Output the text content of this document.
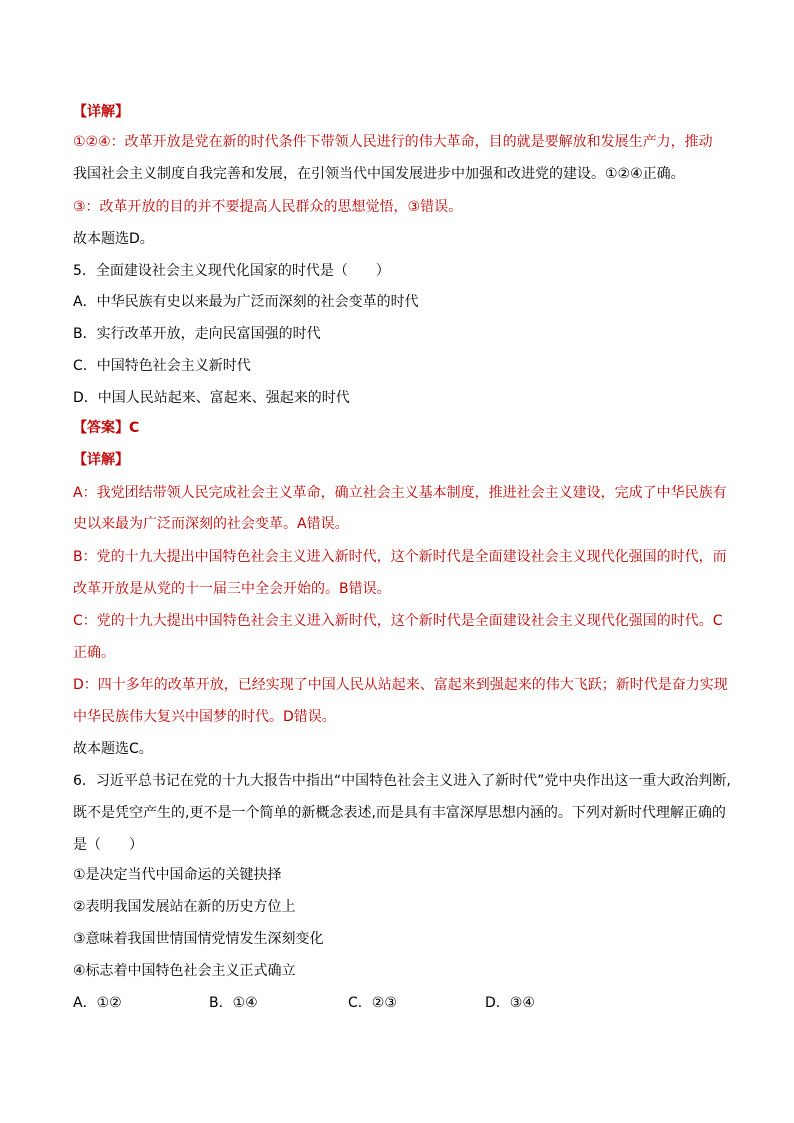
【详解】
①②④：改革开放是党在新的时代条件下带领人民进行的伟大革命，目的就是要解放和发展生产力，推动
我国社会主义制度自我完善和发展，在引领当代中国发展进步中加强和改进党的建设。①②④正确。
③：改革开放的目的并不要提高人民群众的思想觉悟，③错误。
故本题选D。
5．全面建设社会主义现代化国家的时代是（　　）
A．中华民族有史以来最为广泛而深刻的社会变革的时代
B．实行改革开放，走向民富国强的时代
C．中国特色社会主义新时代
D．中国人民站起来、富起来、强起来的时代
【答案】C
【详解】
A：我党团结带领人民完成社会主义革命，确立社会主义基本制度，推进社会主义建设，完成了中华民族有
史以来最为广泛而深刻的社会变革。A错误。
B：党的十九大提出中国特色社会主义进入新时代，这个新时代是全面建设社会主义现代化强国的时代，而
改革开放是从党的十一届三中全会开始的。B错误。
C：党的十九大提出中国特色社会主义进入新时代，这个新时代是全面建设社会主义现代化强国的时代。C
正确。
D：四十多年的改革开放，已经实现了中国人民从站起来、富起来到强起来的伟大飞跃；新时代是奋力实现
中华民族伟大复兴中国梦的时代。D错误。
故本题选C。
6．习近平总书记在党的十九大报告中指出“中国特色社会主义进入了新时代”党中央作出这一重大政治判断,
既不是凭空产生的,更不是一个简单的新概念表述,而是具有丰富深厚思想内涵的。下列对新时代理解正确的
是（　　）
①是决定当代中国命运的关键抉择
②表明我国发展站在新的历史方位上
③意味着我国世情国情党情发生深刻变化
④标志着中国特色社会主义正式确立
A．①②	B．①④	C．②③	D．③④
